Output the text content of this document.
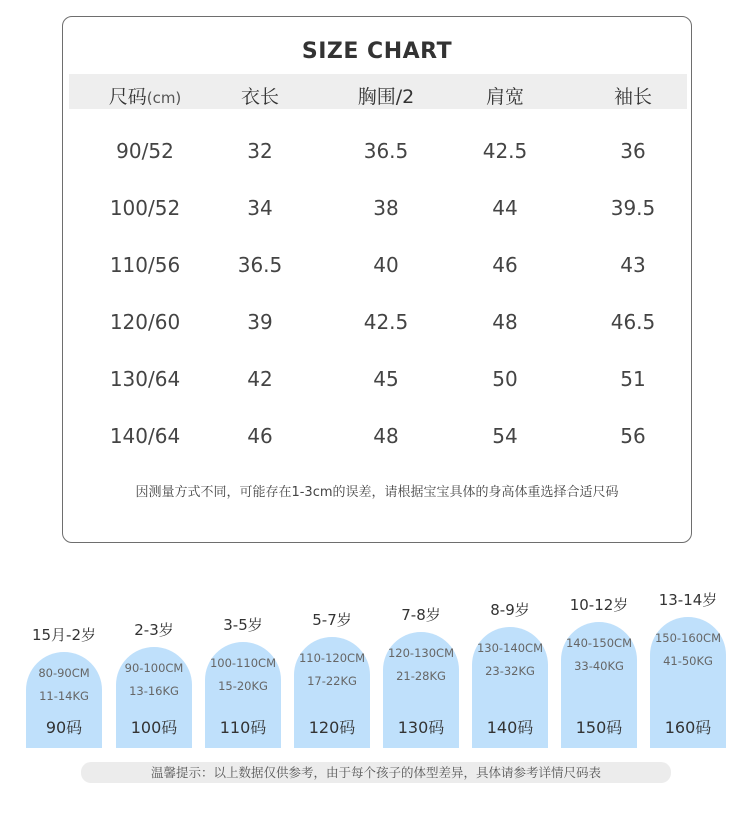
SIZE CHART
尺码(cm)	衣长	胸围/2	肩宽	袖长
90/52	32	36.5	42.5	36
100/52	34	38	44	39.5
110/56	36.5	40	46	43
120/60	39	42.5	48	46.5
130/64	42	45	50	51
140/64	46	48	54	56
因测量方式不同，可能存在1-3cm的误差，请根据宝宝具体的身高体重选择合适尺码
15月-2岁
80-90CM
11-14KG
90码
2-3岁
90-100CM
13-16KG
100码
3-5岁
100-110CM
15-20KG
110码
5-7岁
110-120CM
17-22KG
120码
7-8岁
120-130CM
21-28KG
130码
8-9岁
130-140CM
23-32KG
140码
10-12岁
140-150CM
33-40KG
150码
13-14岁
150-160CM
41-50KG
160码
温馨提示：以上数据仅供参考，由于每个孩子的体型差异，具体请参考详情尺码表
